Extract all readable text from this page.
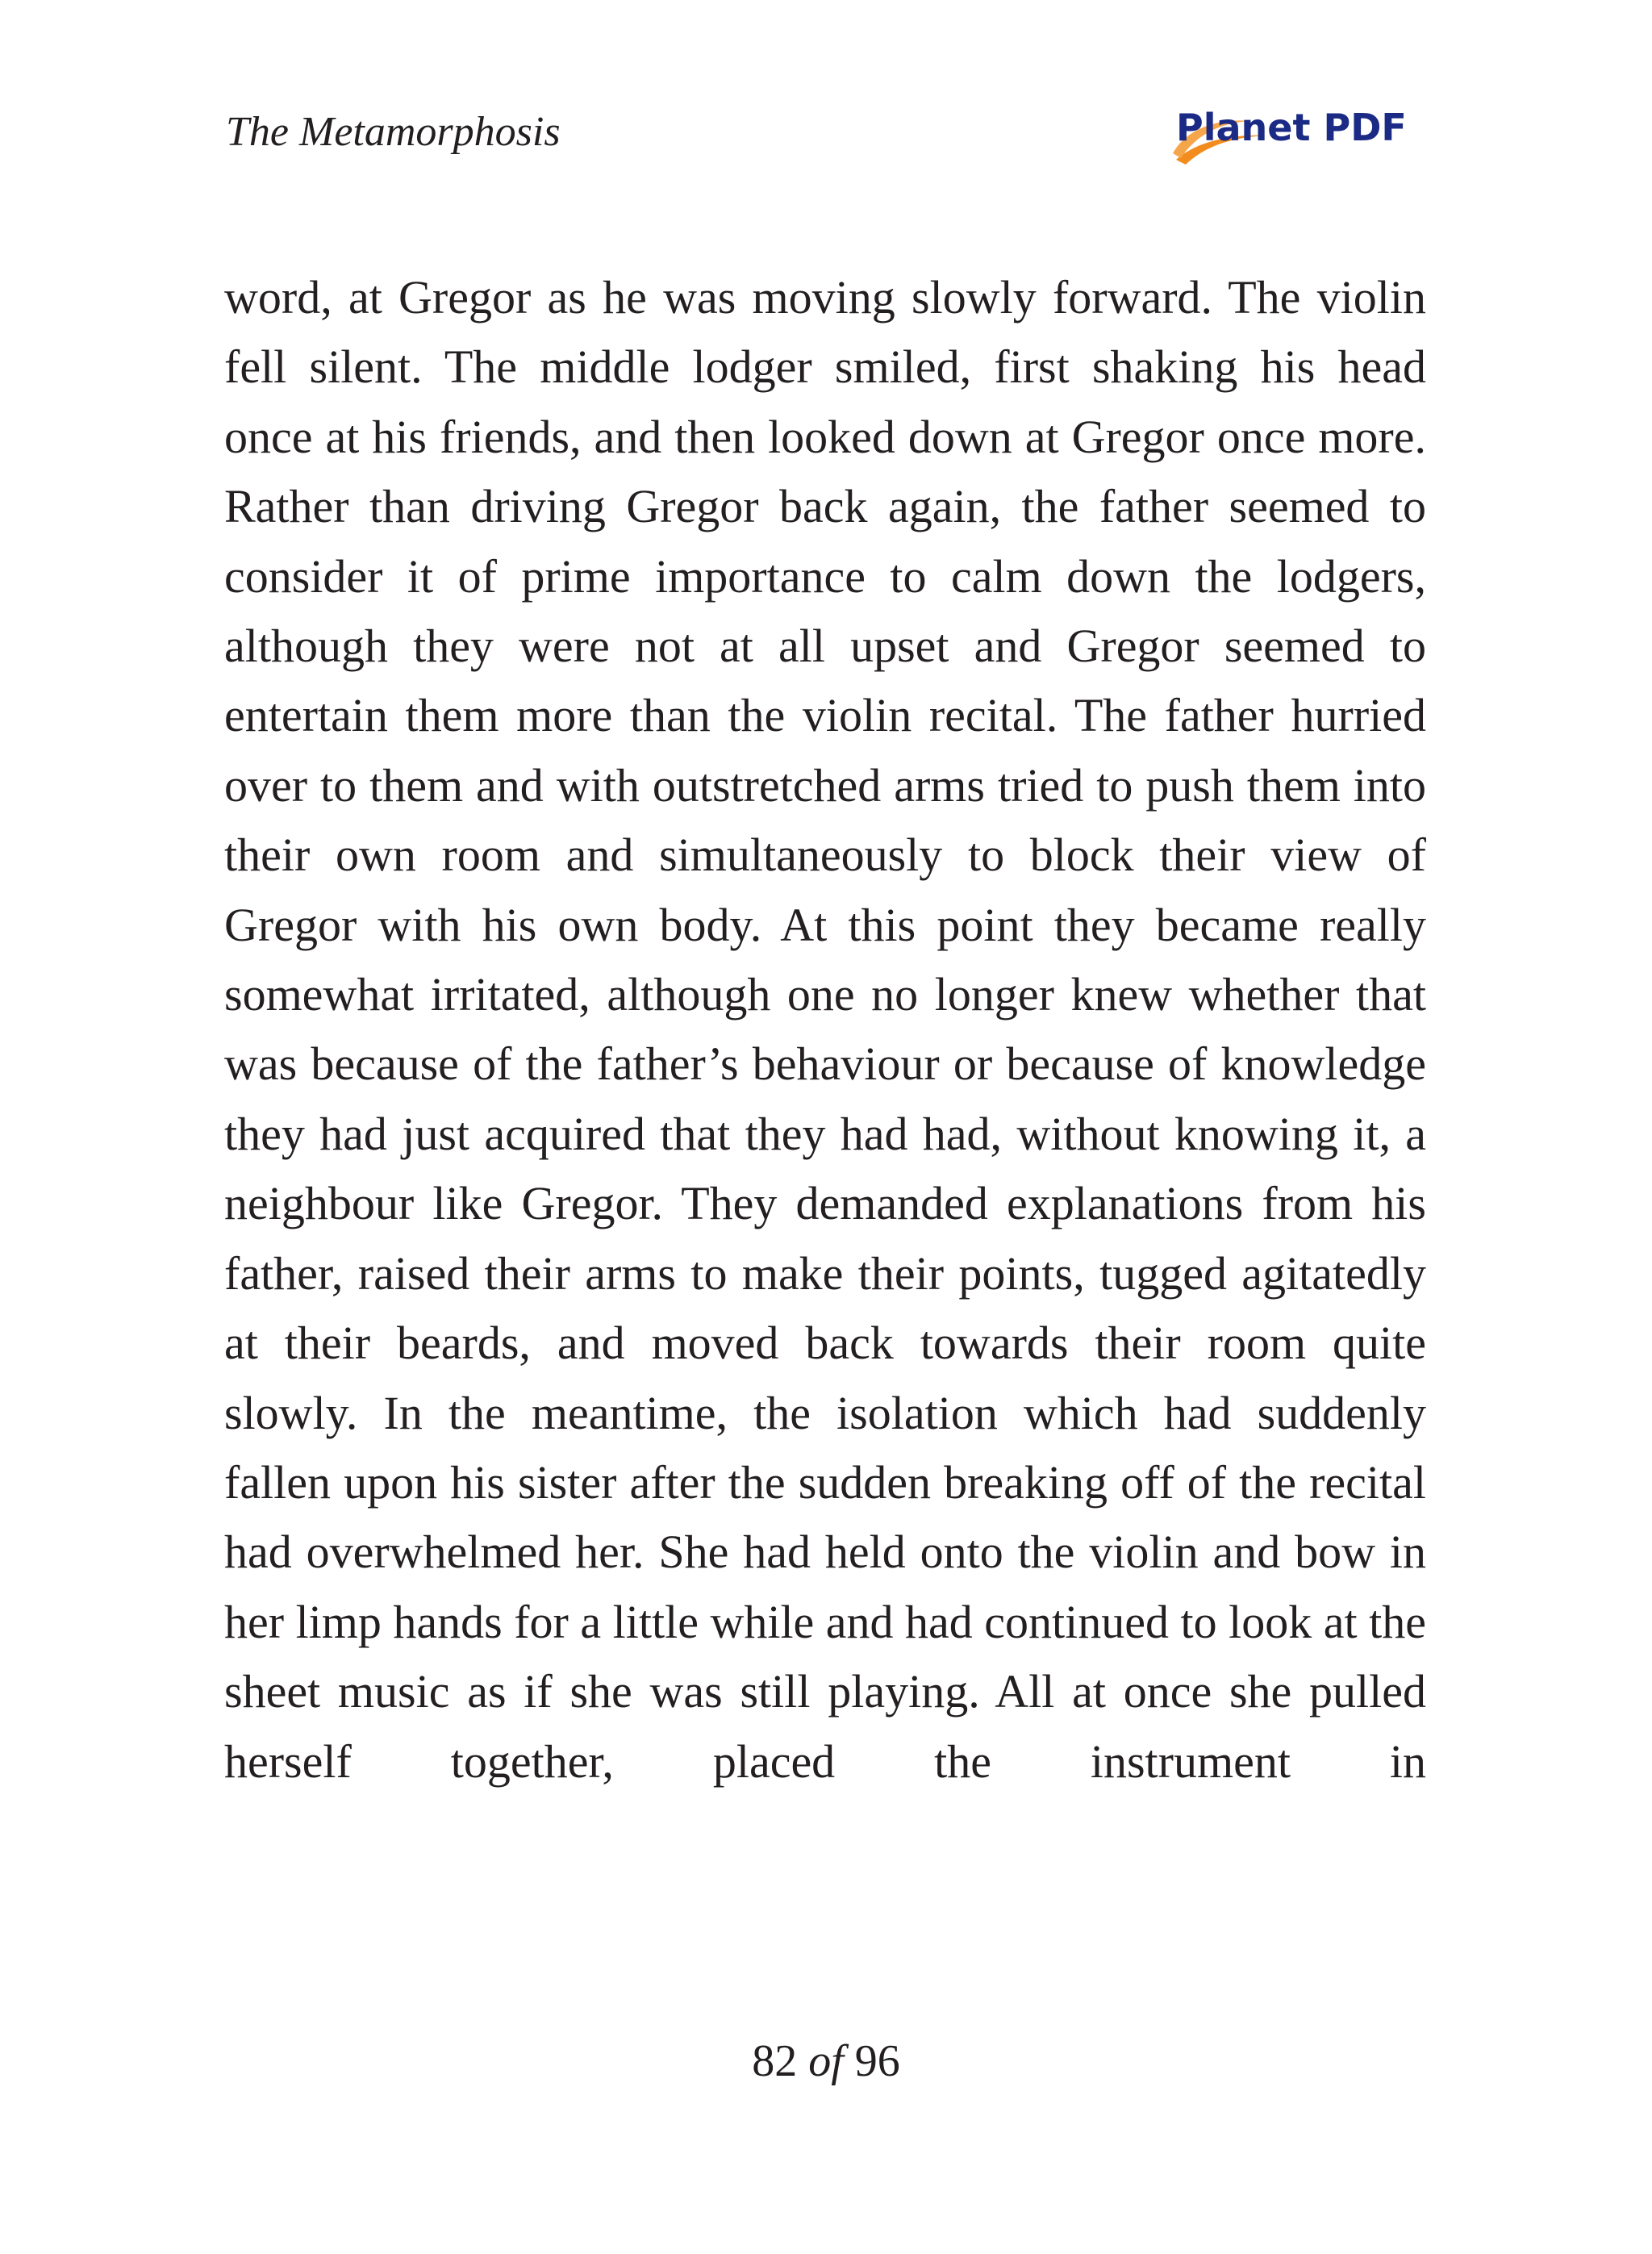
The Metamorphosis	Planet PDF

word, at Gregor as he was moving slowly forward. The violin fell silent. The middle lodger smiled, first shaking his head once at his friends, and then looked down at Gregor once more. Rather than driving Gregor back again, the father seemed to consider it of prime importance to calm down the lodgers, although they were not at all upset and Gregor seemed to entertain them more than the violin recital. The father hurried over to them and with outstretched arms tried to push them into their own room and simultaneously to block their view of Gregor with his own body. At this point they became really somewhat irritated, although one no longer knew whether that was because of the father’s behaviour or because of knowledge they had just acquired that they had had, without knowing it, a neighbour like Gregor. They demanded explanations from his father, raised their arms to make their points, tugged agitatedly at their beards, and moved back towards their room quite slowly. In the meantime, the isolation which had suddenly fallen upon his sister after the sudden breaking off of the recital had overwhelmed her. She had held onto the violin and bow in her limp hands for a little while and had continued to look at the sheet music as if she was still playing. All at once she pulled herself together, placed the instrument in

82 of 96
